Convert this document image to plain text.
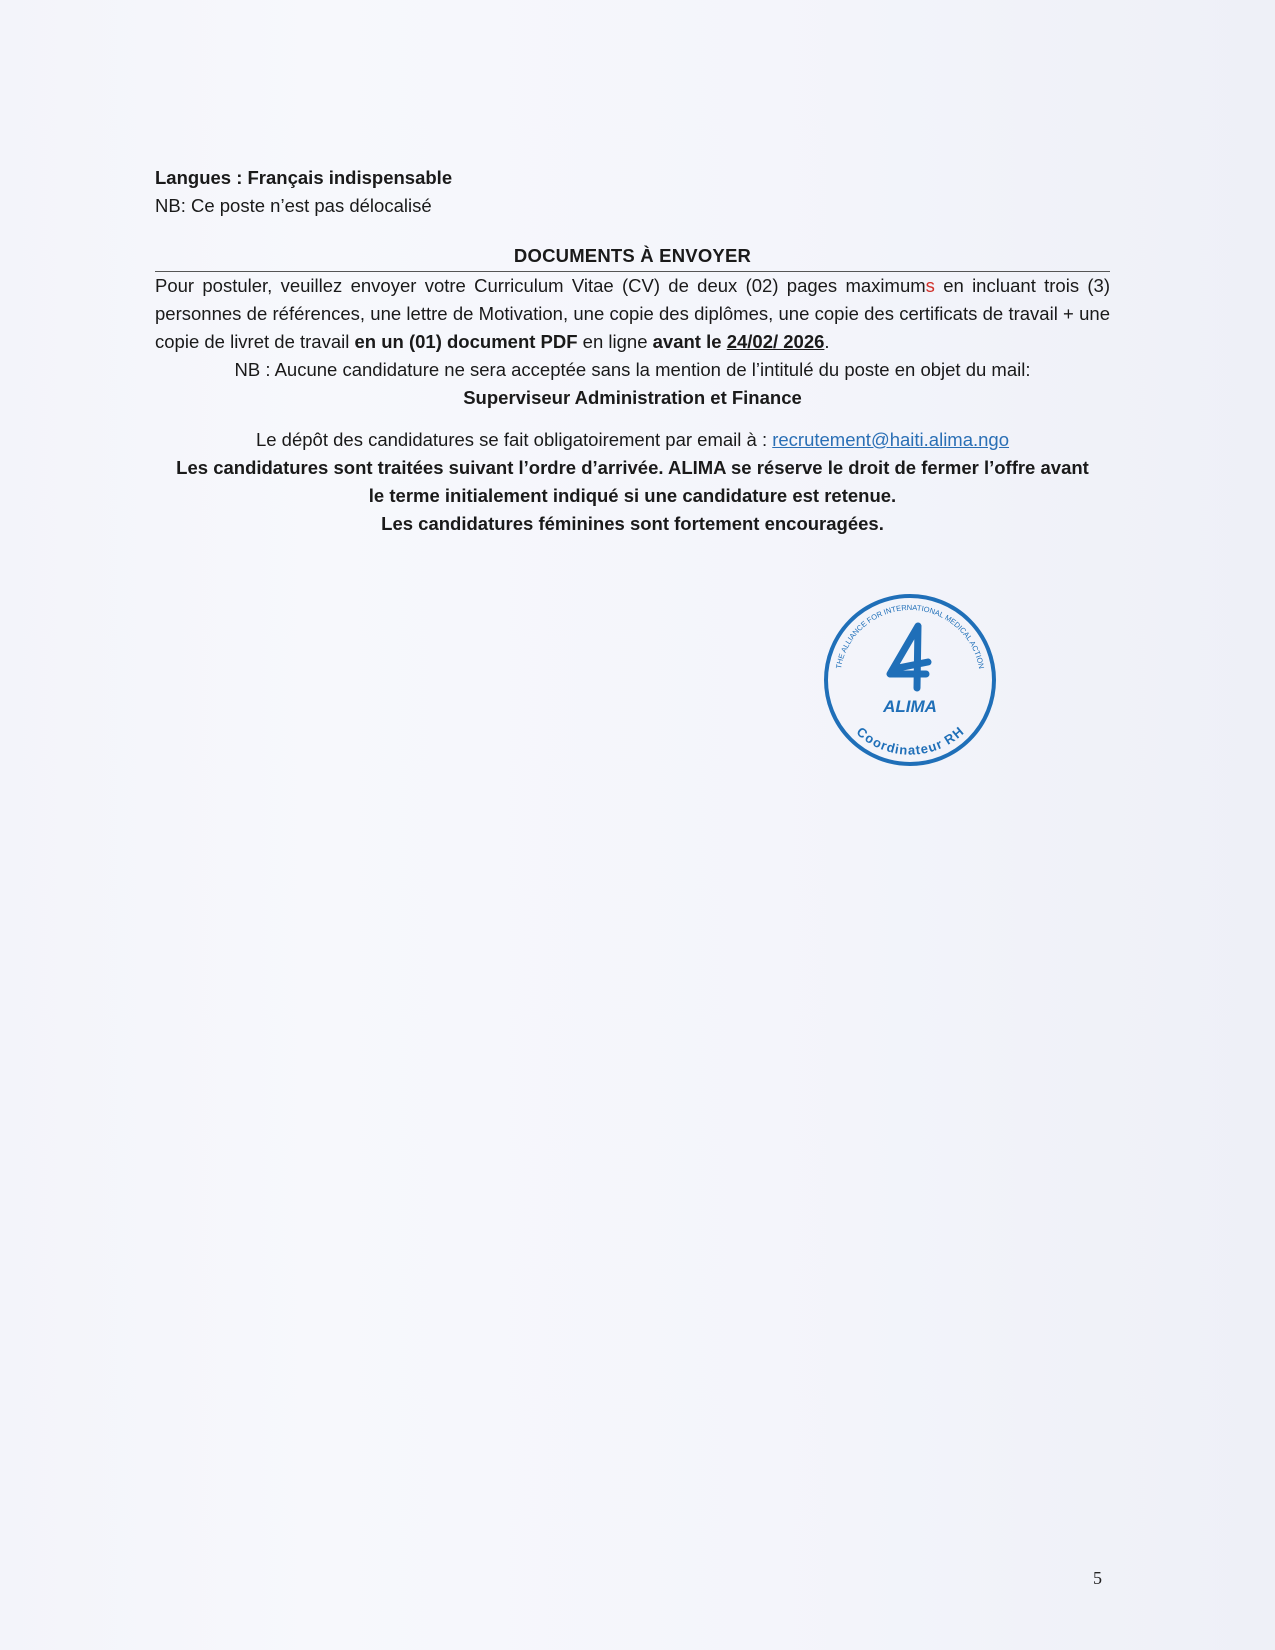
Langues : Français indispensable
NB: Ce poste n’est pas délocalisé
DOCUMENTS À ENVOYER
Pour postuler, veuillez envoyer votre Curriculum Vitae (CV) de deux (02) pages maximums en incluant trois (3) personnes de références, une lettre de Motivation, une copie des diplômes, une copie des certificats de travail + une copie de livret de travail en un (01) document PDF en ligne avant le 24/02/ 2026.
NB : Aucune candidature ne sera acceptée sans la mention de l’intitulé du poste en objet du mail:
Superviseur Administration et Finance
Le dépôt des candidatures se fait obligatoirement par email à : recrutement@haiti.alima.ngo
Les candidatures sont traitées suivant l’ordre d’arrivée. ALIMA se réserve le droit de fermer l’offre avant le terme initialement indiqué si une candidature est retenue.
Les candidatures féminines sont fortement encouragées.
THE ALLIANCE FOR INTERNATIONAL MEDICAL ACTION
ALIMA
Coordinateur RH
5
